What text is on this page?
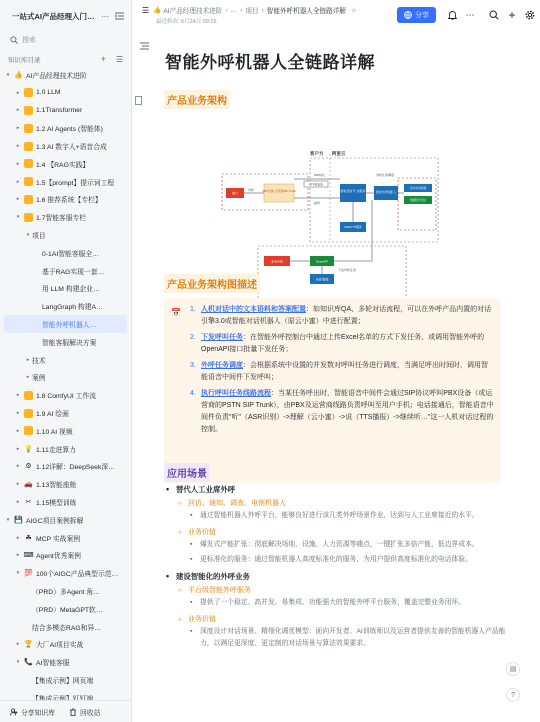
一站式AI产品经理入门… ⋯
搜索
知识库目录	+ ☰
▾ 👍 AI产品经理技术进阶
▸	1.0 LLM
▸	1.1Transformer
▸	1.2 AI Agents (智能体)
▸	1.3 AI 数字人+语音合成
▸	1.4 【RAG实践】
▸	1.5【prompt】提示词工程
▸	1.6 推荐系统【专栏】
▾	1.7智能客服专栏
▾ 项目
0-1AI智能客服全…
基于RAG实现一套…
用 LLM 构建企业…
LangGraph 构建A…
智能外呼机器人…
智能客服解决方案
▸ 技术
▸ 案例
▸	1.8 ComfyUI 工作流
▸	1.9 AI 绘画
▸	1.10 AI 视频
▸ 💡 1.11走进算力
▸ ⚙ 1.12详解：DeepSeek深…
▸ 🚗 1.13智能座舱
▸ ✂ 1.15模型训练
▾ 💾 AIGC项目案例拆解
▸ ☘ MCP 实战案例
▸ ⌨ Agent优秀案例
▾ 💯 100个AIGC产品典型示范…
（PRD）多Agent 角…
（PRD）MetaGPT软…
结合多模态RAG和异…
▸ 🏆 大厂AI项目实战
▾ 📞 AI智能客服
【集成示例】网页端
分享知识库	回收站
☰ 👍 AI产品经理技术进阶 › … › 项目 › 智能外呼机器人全链路详解 ☆
最近修改: 6月24日 09:25
分享	⋯	+
智能外呼机器人全链路详解
产品业务架构
客户方 阿里云
客户
外呼	PBX设备/ 运营商SIP Trunk
SIP协议
RTP语音流
接听
智能语音平 台服务
外呼任务调度
智能外呼机器 人
话术/对话管理
数据报表分析
ASR/TTS服务
业务系统	OpenAPI
下发外呼任务
坐席/管理
产品业务架构图描述
📅 1. 人机对话中的文本语料和答案配置：如知识库QA、多轮对话流程，可以在外呼产品内置的对话引擎3.0或智能对话机器人（原云小蜜）中进行配置；
2. 下发呼叫任务：在智能外呼控制台中通过上传Excel名单的方式下发任务、或调用智能外呼的OpenAPI接口批量下发任务；
3. 外呼任务调度：会根据系统中设置的并发数对呼叫任务进行调度，当满足呼出时间时，调用智能语音中间件下发呼叫；
4. 执行呼叫任务线路流程：当某任务呼出时，智能语音中间件会通过SIP协议呼叫PBX设备（或运营商的PSTN SIP Trunk），由PBX及运营商线路负责呼叫至用户手机；电话接通后，智能语音中间件负责"听"（ASR识别）->理解（云小蜜）->说（TTS播报）->继续听…"这一人机对话过程的控制。
应用场景
• 替代人工业席外呼
◦ 回访、通知、调查、电销机器人
▪	通过智能机器人外呼平台，能够良好进行该几类外呼场景作业，达到与人工业席接近的水平。
◦ 业务价值
▪	爆发式产能扩张：彻底解决场地、设施、人力资源等痛点，一键扩张多倍产能，低边界成本。
▪	更标准化的服务：通过智能机器人高度标准化的服务，为用户提供高度标准化的电话体验。
• 建设智能化的外呼业务
◦ 平台级智能外呼服务
▪	提供了一个稳定、高并发、易集成、功能强大的智能外呼平台服务，覆盖完整业务闭环。
◦ 业务价值
▪	深度设计对话场景、精细化调优模型：面向开发者、AI训练师以及运营者提供友善的智能机器人产品能力，以满足更深度、更定制的对话场景与算法效果要求。
▤
?
